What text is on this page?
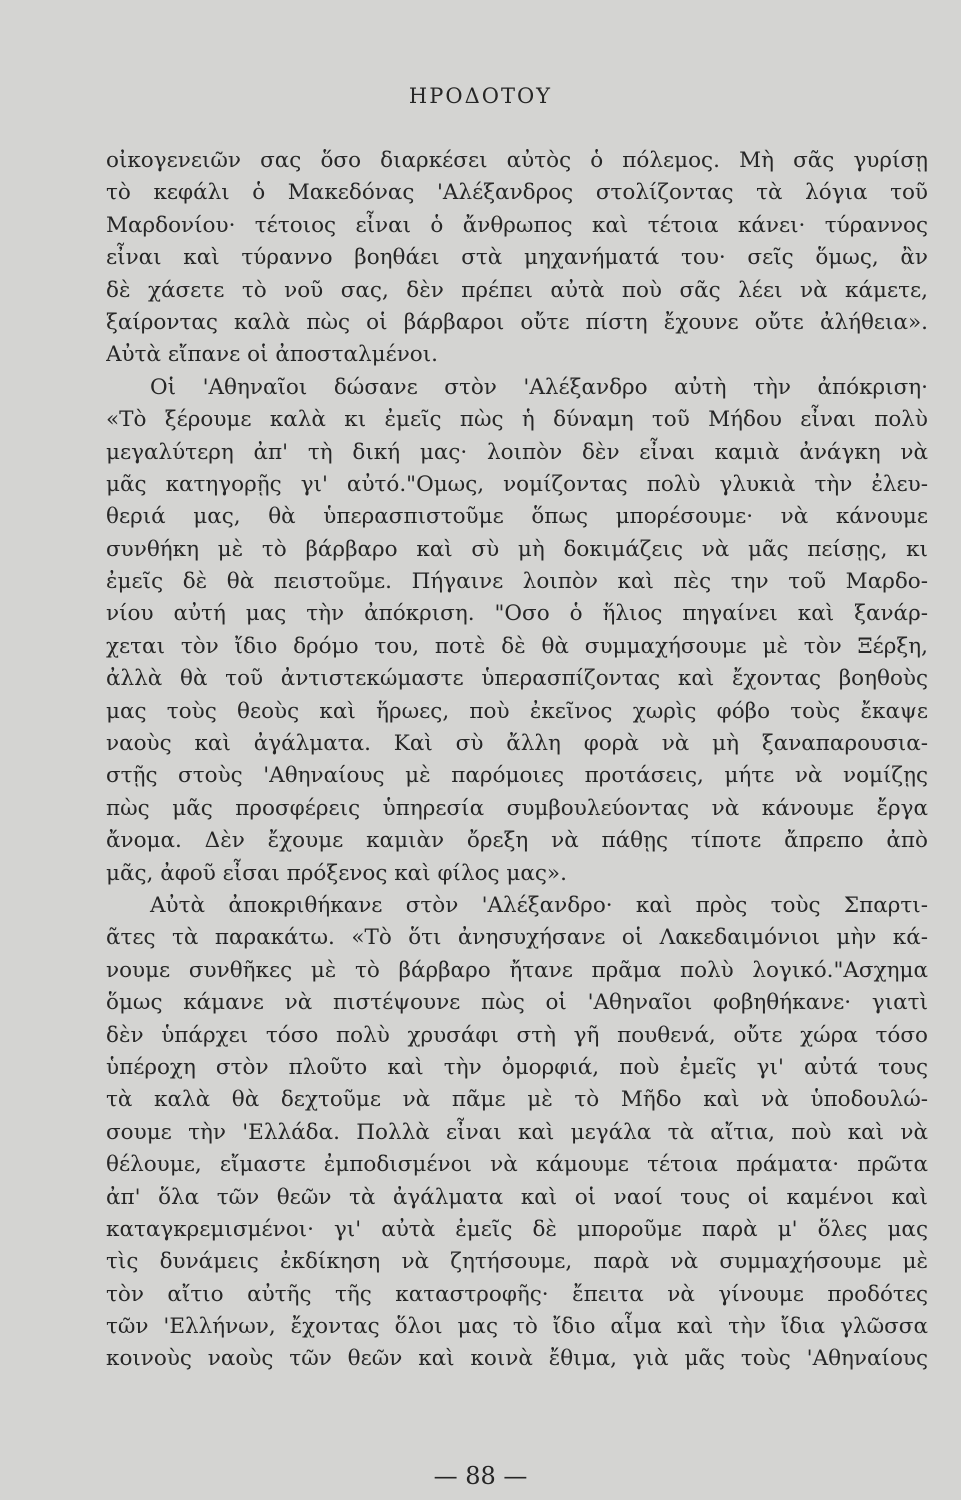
ΗΡΟΔΟΤΟΥ
οἰκογενειῶν σας ὅσο διαρκέσει αὐτὸς ὁ πόλεμος. Μὴ σᾶς γυρίσῃ
τὸ κεφάλι ὁ Μακεδόνας 'Αλέξανδρος στολίζοντας τὰ λόγια τοῦ
Μαρδονίου· τέτοιος εἶναι ὁ ἄνθρωπος καὶ τέτοια κάνει· τύραννος
εἶναι καὶ τύραννο βοηθάει στὰ μηχανήματά του· σεῖς ὅμως, ἂν
δὲ χάσετε τὸ νοῦ σας, δὲν πρέπει αὐτὰ ποὺ σᾶς λέει νὰ κάμετε,
ξαίροντας καλὰ πὼς οἱ βάρβαροι οὔτε πίστη ἔχουνε οὔτε ἀλήθεια».
Αὐτὰ εἴπανε οἱ ἀποσταλμένοι.
Οἱ 'Αθηναῖοι δώσανε στὸν 'Αλέξανδρο αὐτὴ τὴν ἀπόκριση·
«Τὸ ξέρουμε καλὰ κι ἐμεῖς πὼς ἡ δύναμη τοῦ Μήδου εἶναι πολὺ
μεγαλύτερη ἀπ' τὴ δική μας· λοιπὸν δὲν εἶναι καμιὰ ἀνάγκη νὰ
μᾶς κατηγορῇς γι' αὐτό."Ομως, νομίζοντας πολὺ γλυκιὰ τὴν ἐλευ-
θεριά μας, θὰ ὑπερασπιστοῦμε ὅπως μπορέσουμε· νὰ κάνουμε
συνθήκη μὲ τὸ βάρβαρο καὶ σὺ μὴ δοκιμάζεις νὰ μᾶς πείσῃς, κι
ἐμεῖς δὲ θὰ πειστοῦμε. Πήγαινε λοιπὸν καὶ πὲς την τοῦ Μαρδο-
νίου αὐτή μας τὴν ἀπόκριση. "Οσο ὁ ἥλιος πηγαίνει καὶ ξανάρ-
χεται τὸν ἴδιο δρόμο του, ποτὲ δὲ θὰ συμμαχήσουμε μὲ τὸν Ξέρξη,
ἀλλὰ θὰ τοῦ ἀντιστεκώμαστε ὑπερασπίζοντας καὶ ἔχοντας βοηθοὺς
μας τοὺς θεοὺς καὶ ἥρωες, ποὺ ἐκεῖνος χωρὶς φόβο τοὺς ἔκαψε
ναοὺς καὶ ἀγάλματα. Καὶ σὺ ἄλλη φορὰ νὰ μὴ ξαναπαρουσια-
στῇς στοὺς 'Αθηναίους μὲ παρόμοιες προτάσεις, μήτε νὰ νομίζῃς
πὼς μᾶς προσφέρεις ὑπηρεσία συμβουλεύοντας νὰ κάνουμε ἔργα
ἄνομα. Δὲν ἔχουμε καμιὰν ὄρεξη νὰ πάθῃς τίποτε ἄπρεπο ἀπὸ
μᾶς, ἀφοῦ εἶσαι πρόξενος καὶ φίλος μας».
Αὐτὰ ἀποκριθήκανε στὸν 'Αλέξανδρο· καὶ πρὸς τοὺς Σπαρτι-
ᾶτες τὰ παρακάτω. «Τὸ ὅτι ἀνησυχήσανε οἱ Λακεδαιμόνιοι μὴν κά-
νουμε συνθῆκες μὲ τὸ βάρβαρο ἤτανε πρᾶμα πολὺ λογικό."Ασχημα
ὅμως κάμανε νὰ πιστέψουνε πὼς οἱ 'Αθηναῖοι φοβηθήκανε· γιατὶ
δὲν ὑπάρχει τόσο πολὺ χρυσάφι στὴ γῆ πουθενά, οὔτε χώρα τόσο
ὑπέροχη στὸν πλοῦτο καὶ τὴν ὀμορφιά, ποὺ ἐμεῖς γι' αὐτά τους
τὰ καλὰ θὰ δεχτοῦμε νὰ πᾶμε μὲ τὸ Μῆδο καὶ νὰ ὑποδουλώ-
σουμε τὴν 'Ελλάδα. Πολλὰ εἶναι καὶ μεγάλα τὰ αἴτια, ποὺ καὶ νὰ
θέλουμε, εἴμαστε ἐμποδισμένοι νὰ κάμουμε τέτοια πράματα· πρῶτα
ἀπ' ὅλα τῶν θεῶν τὰ ἀγάλματα καὶ οἱ ναοί τους οἱ καμένοι καὶ
καταγκρεμισμένοι· γι' αὐτὰ ἐμεῖς δὲ μποροῦμε παρὰ μ' ὅλες μας
τὶς δυνάμεις ἐκδίκηση νὰ ζητήσουμε, παρὰ νὰ συμμαχήσουμε μὲ
τὸν αἴτιο αὐτῆς τῆς καταστροφῆς· ἔπειτα νὰ γίνουμε προδότες
τῶν 'Ελλήνων, ἔχοντας ὅλοι μας τὸ ἴδιο αἷμα καὶ τὴν ἴδια γλῶσσα
κοινοὺς ναοὺς τῶν θεῶν καὶ κοινὰ ἔθιμα, γιὰ μᾶς τοὺς 'Αθηναίους
— 88 —
